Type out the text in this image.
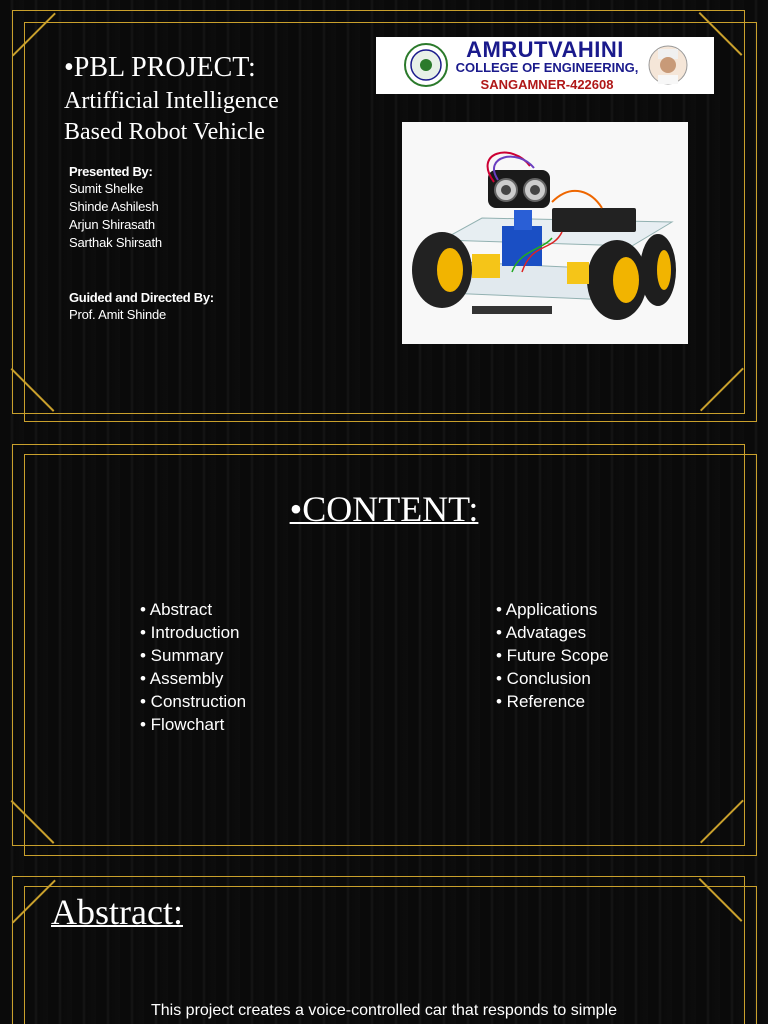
•PBL PROJECT:
Artifficial Intelligence
Based Robot Vehicle
Presented By:
Sumit Shelke
Shinde Ashilesh
Arjun Shirasath
Sarthak Shirsath
Guided and Directed By:
Prof. Amit Shinde
AMRUTVAHINI
COLLEGE OF ENGINEERING,
SANGAMNER-422608
•CONTENT:
• Abstract
• Introduction
• Summary
• Assembly
• Construction
• Flowchart
• Applications
• Advatages
• Future Scope
• Conclusion
• Reference
Abstract:
This project creates a voice-controlled car that responds to simple
